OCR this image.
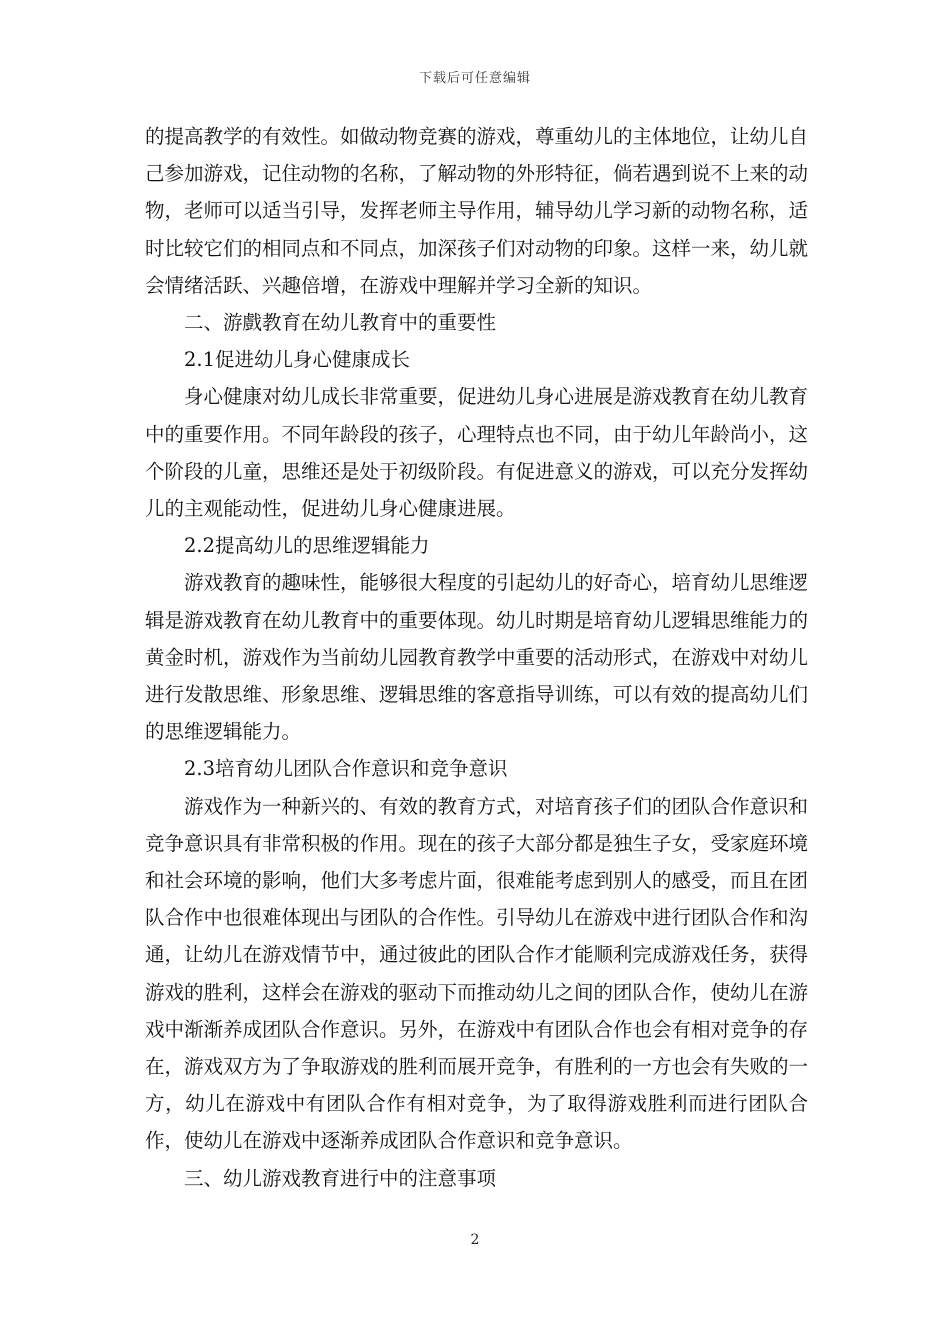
下载后可任意编辑

的提高教学的有效性。如做动物竞赛的游戏，尊重幼儿的主体地位，让幼儿自己参加游戏，记住动物的名称，了解动物的外形特征，倘若遇到说不上来的动物，老师可以适当引导，发挥老师主导作用，辅导幼儿学习新的动物名称，适时比较它们的相同点和不同点，加深孩子们对动物的印象。这样一来，幼儿就会情绪活跃、兴趣倍增，在游戏中理解并学习全新的知识。

二、游戲教育在幼儿教育中的重要性

2.1促进幼儿身心健康成长

身心健康对幼儿成长非常重要，促进幼儿身心进展是游戏教育在幼儿教育中的重要作用。不同年龄段的孩子，心理特点也不同，由于幼儿年龄尚小，这个阶段的儿童，思维还是处于初级阶段。有促进意义的游戏，可以充分发挥幼儿的主观能动性，促进幼儿身心健康进展。

2.2提高幼儿的思维逻辑能力

游戏教育的趣味性，能够很大程度的引起幼儿的好奇心，培育幼儿思维逻辑是游戏教育在幼儿教育中的重要体现。幼儿时期是培育幼儿逻辑思维能力的黄金时机，游戏作为当前幼儿园教育教学中重要的活动形式，在游戏中对幼儿进行发散思维、形象思维、逻辑思维的客意指导训练，可以有效的提高幼儿们的思维逻辑能力。

2.3培育幼儿团队合作意识和竞争意识

游戏作为一种新兴的、有效的教育方式，对培育孩子们的团队合作意识和竞争意识具有非常积极的作用。现在的孩子大部分都是独生子女，受家庭环境和社会环境的影响，他们大多考虑片面，很难能考虑到别人的感受，而且在团队合作中也很难体现出与团队的合作性。引导幼儿在游戏中进行团队合作和沟通，让幼儿在游戏情节中，通过彼此的团队合作才能顺利完成游戏任务，获得游戏的胜利，这样会在游戏的驱动下而推动幼儿之间的团队合作，使幼儿在游戏中渐渐养成团队合作意识。另外，在游戏中有团队合作也会有相对竞争的存在，游戏双方为了争取游戏的胜利而展开竞争，有胜利的一方也会有失败的一方，幼儿在游戏中有团队合作有相对竞争，为了取得游戏胜利而进行团队合作，使幼儿在游戏中逐渐养成团队合作意识和竞争意识。

三、幼儿游戏教育进行中的注意事项

2
